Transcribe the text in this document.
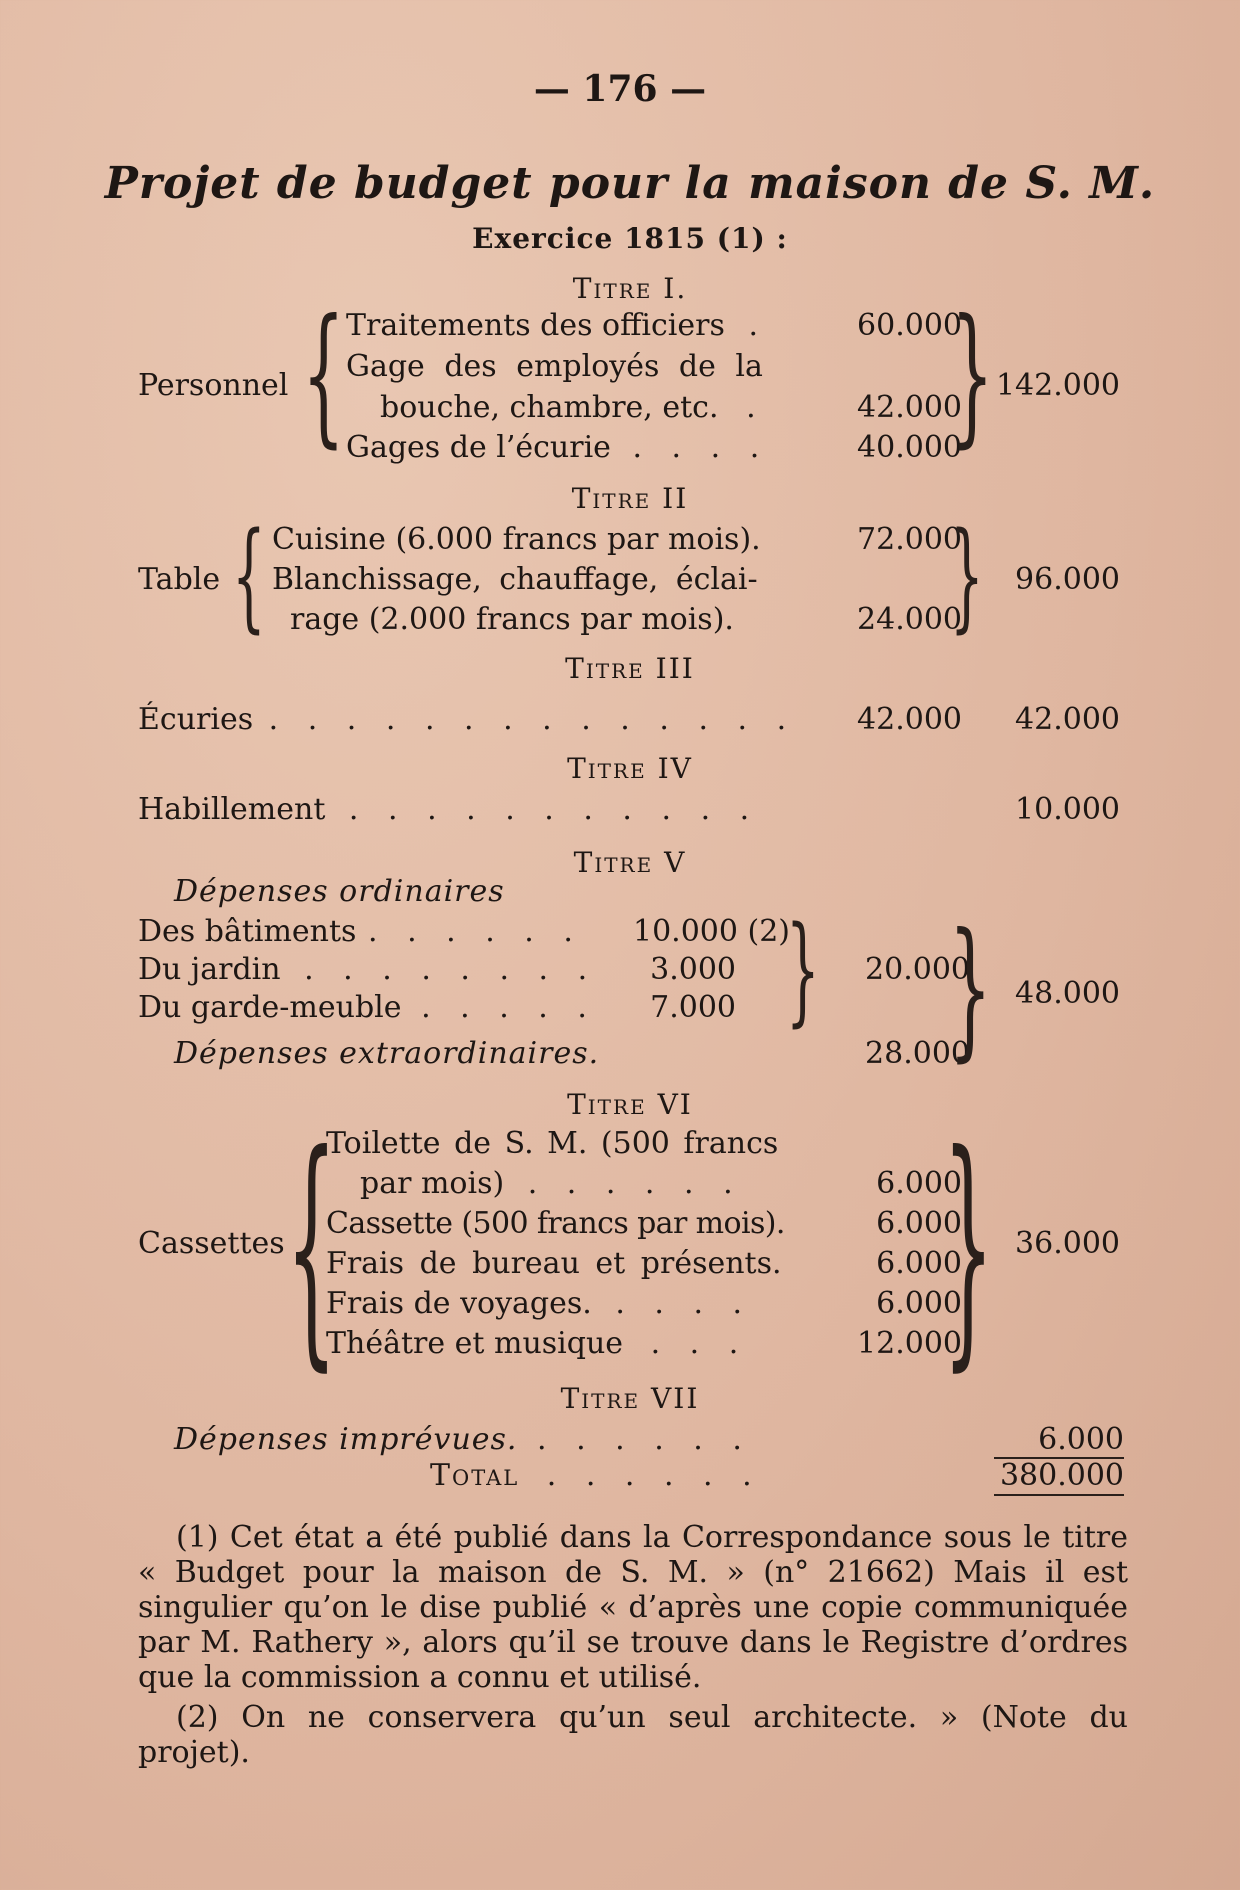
— 176 —
Projet de budget pour la maison de S. M.
Exercice 1815 (1) :
Titre I.
Personnel { Traitements des officiers .	60.000
Gage des employés de la
bouche, chambre, etc. .	42.000
Gages de l’écurie . . . .	40.000
{ 142.000
Titre II
Table { Cuisine (6.000 francs par mois).	72.000
Blanchissage, chauffage, éclai-
rage (2.000 francs par mois).	24.000
{	96.000
Titre III
Écuries . . . . . . . . . . . . . .	42.000	42.000
Titre IV
Habillement . . . . . . . . . . .	10.000
Titre V
Dépenses ordinaires
Des bâtiments . . . . . .	10.000 (2)
Du jardin . . . . . . . .	3.000
Du garde-meuble . . . . .	7.000 {	20.000
Dépenses extraordinaires.	28.000
{ 48.000
Titre VI
Cassettes {
Toilette de S. M. (500 francs
par mois) . . . . . .	6.000
Cassette (500 francs par mois).	6.000
Frais de bureau et présents.	6.000
Frais de voyages. . . . .	6.000
Théâtre et musique . . .	12.000
{ 36.000
Titre VII
Dépenses imprévues. . . . . . .	6.000
Total . . . . . .	380.000
(1) Cet état a été publié dans la Correspondance sous le titre « Budget pour la maison de S. M. » (n° 21662) Mais il est singulier qu’on le dise publié « d’après une copie communiquée par M. Rathery », alors qu’il se trouve dans le Registre d’ordres que la commission a connu et utilisé.
(2) On ne conservera qu’un seul architecte. » (Note du projet).
